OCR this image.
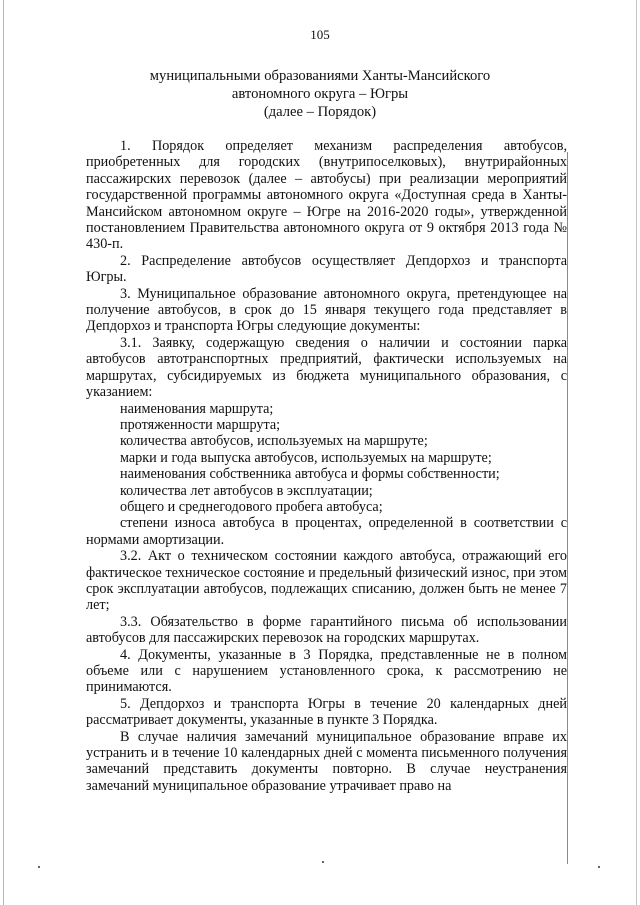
105
муниципальными образованиями Ханты-Мансийского
автономного округа – Югры
(далее – Порядок)

1. Порядок определяет механизм распределения автобусов, приобретенных для городских (внутрипоселковых), внутрирайонных пассажирских перевозок (далее – автобусы) при реализации мероприятий государственной программы автономного округа «Доступная среда в Ханты-Мансийском автономном округе – Югре на 2016-2020 годы», утвержденной постановлением Правительства автономного округа от 9 октября 2013 года № 430-п.

2. Распределение автобусов осуществляет Депдорхоз и транспорта Югры.

3. Муниципальное образование автономного округа, претендующее на получение автобусов, в срок до 15 января текущего года представляет в Депдорхоз и транспорта Югры следующие документы:

3.1. Заявку, содержащую сведения о наличии и состоянии парка автобусов автотранспортных предприятий, фактически используемых на маршрутах, субсидируемых из бюджета муниципального образования, с указанием:

наименования маршрута;

протяженности маршрута;

количества автобусов, используемых на маршруте;

марки и года выпуска автобусов, используемых на маршруте;

наименования собственника автобуса и формы собственности;

количества лет автобусов в эксплуатации;

общего и среднегодового пробега автобуса;

степени износа автобуса в процентах, определенной в соответствии с нормами амортизации.

3.2. Акт о техническом состоянии каждого автобуса, отражающий его фактическое техническое состояние и предельный физический износ, при этом срок эксплуатации автобусов, подлежащих списанию, должен быть не менее 7 лет;

3.3. Обязательство в форме гарантийного письма об использовании автобусов для пассажирских перевозок на городских маршрутах.

4. Документы, указанные в 3 Порядка, представленные не в полном объеме или с нарушением установленного срока, к рассмотрению не принимаются.

5. Депдорхоз и транспорта Югры в течение 20 календарных дней рассматривает документы, указанные в пункте 3 Порядка.

В случае наличия замечаний муниципальное образование вправе их устранить и в течение 10 календарных дней с момента письменного получения замечаний представить документы повторно. В случае неустранения замечаний муниципальное образование утрачивает право на
